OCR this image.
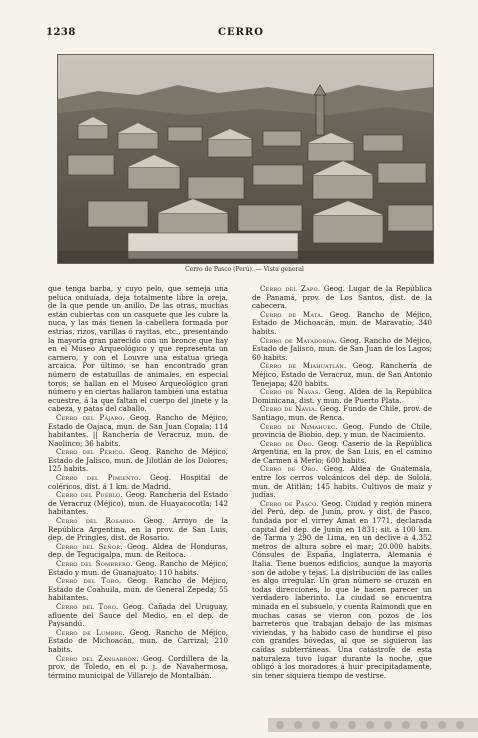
1238	CERRO
Cerro de Pasco (Perú). — Vista general

que tenga barba, y cuyo pelo, que semeja una peluca onduíada, deja totalmente libre la oreja, de la que pende un anillo. De las otras, muchas están cubiertas con un casquete que les cubre la nuca, y las más tienen la cabellera formada por estrías, rizos, varillas ó rayitas, etc., presentando la mayoría gran parecido con un bronce que hay en el Museo Arqueológico y que representa un carnero, y con el Louvre una estatua griega arcaica. Por último, se han encontrado gran número de estatuillas de animales, en especial toros; se hallan en el Museo Arqueológico gran número y en ciertas hallaron también una estatua ecuestre, á la que faltan el cuerpo del jinete y la cabeza, y patas del caballo.

Cerro del Pájaro. Geog. Rancho de Méjico, Estado de Oajaca, mun. de San Juan Copala; 114 habitantes. || Ranchería de Veracruz, mun. de Naolinco; 36 habits.

Cerro del Perico. Geog. Rancho de Méjico, Estado de Jalisco, mun. de Jilotlán de los Dolores; 125 habits.

Cerro del Pimiento. Geog. Hospital de coléricos, dist. á 1 km. de Madrid.

Cerro del Pueblo. Geog. Ranchería del Estado de Veracruz (Méjico), mun. de Huayacocotla; 142 habitantes.

Cerro del Rosario. Geog. Arroyo de la República Argentina, en la prov. de San Luis, dep. de Pringles, dist. de Rosario.

Cerro del Señor. Geog. Aldea de Honduras, dep. de Tegucigalpa, mun. de Reitoca.

Cerro del Sombrero. Geog. Rancho de Méjico, Estado y mun. de Guanajuato; 110 habits.

Cerro del Toro. Geog. Rancho de Méjico, Estado de Coahuila, mun. de General Zepeda; 55 habitantes.

Cerro del Toro. Geog. Cañada del Uruguay, afluente del Sauce del Medio, en el dep. de Paysandú.

Cerro de Lumbre. Geog. Rancho de Méjico, Estado de Michoacán, mun. de Carrizal; 210 habits.

Cerro del Zangarrón. Geog. Cordillera de la prov. de Toledo, en el p. j. de Navahermosa, término municipal de Villarejo de Montalbán.

Cerro del Zapo. Geog. Lugar de la República de Panamá, prov. de Los Santos, dist. de la cabecera.

Cerro de Mata. Geog. Rancho de Méjico, Estado de Michoacán, mun. de Maravatío; 340 habits.

Cerro de Matadorda. Geog. Rancho de Méjico, Estado de Jalisco, mun. de San Juan de los Lagos; 60 habits.

Cerro de Miahuatlán. Geog. Ranchería de Méjico, Estado de Veracruz, mun. de San Antonio Tenejapa; 420 habits.

Cerro de Navas. Geog. Aldea de la República Dominicana, dist. y mun. de Puerto Plata.

Cerro de Navia. Geog. Fundo de Chile, prov. de Santiago, mun. de Renca.

Cerro de Nimahuec. Geog. Fundo de Chile, provincia de Biobío, dep. y mun. de Nacimiento.

Cerro de Oro. Geog. Caserío de la República Argentina, en la prov. de San Luis, en el camino de Carmen á Merlo; 600 habits.

Cerro de Oro. Geog. Aldea de Guatemala, entre los cerros volcánicos del dep. de Sololá, mun. de Atitlán; 145 habits. Cultivos de maíz y judías.

Cerro de Pasco. Geog. Ciudad y región minera del Perú, dep. de Junín, prov. y dist. de Pasco, fundada por el virrey Amat en 1771, declarada capital del dep. de Junín en 1831; sit. á 100 km. de Tarma y 290 de Lima, en un declive á 4,352 metros de altura sobre el mar; 20.000 habits. Cónsules de España, Inglaterra, Alemania é Italia. Tiene buenos edificios, aunque la mayoría son de adobe y tejas. La distribución de las calles es algo irregular. Un gran número se cruzan en todas direcciones, lo que le hacen parecer un verdadero laberinto. La ciudad se encuentra minada en el subsuelo, y cuenta Raimondi que en muchas casas se vieron con pozos de los barreteros que trabajan debajo de las mismas viviendas, y ha habido caso de hundirse el piso con grandes bóvedas, al que se siguieron las caídas subterráneas. Una catástrofe de esta naturaleza tuvo lugar durante la noche, que obligó á los moradores á huir precipitadamente, sin tener siquiera tiempo de vestirse.
